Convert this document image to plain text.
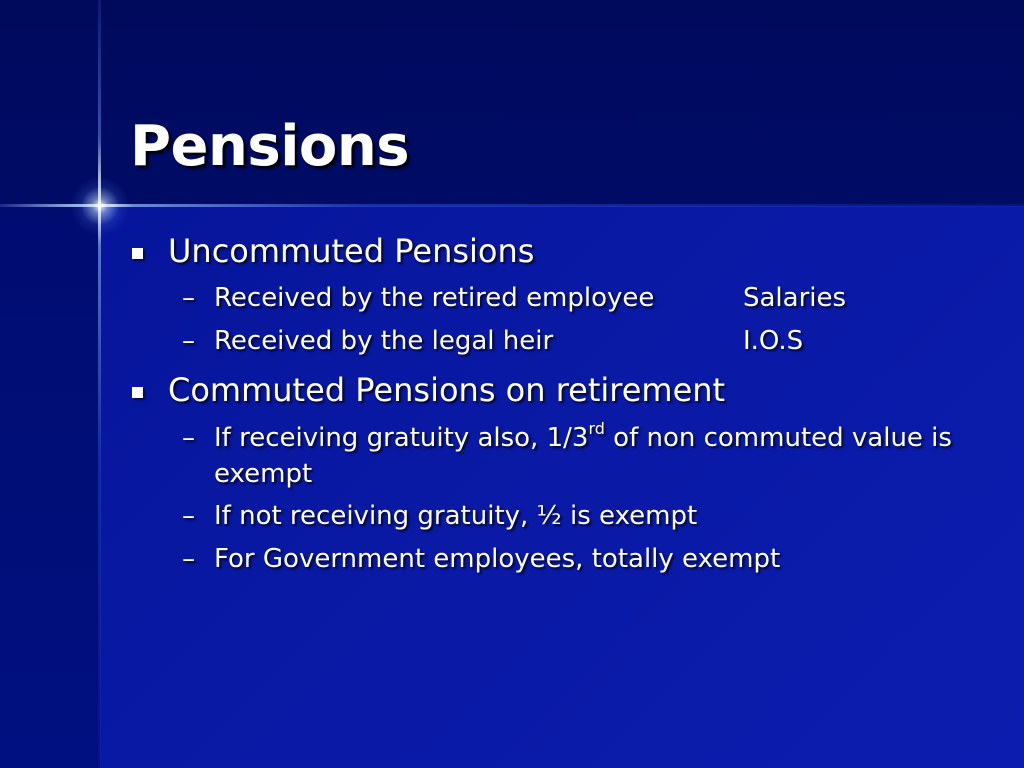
Pensions
Uncommuted Pensions
– Received by the retired employee	Salaries
– Received by the legal heir	I.O.S
Commuted Pensions on retirement
– If receiving gratuity also, 1/3rd of non commuted value is exempt
– If not receiving gratuity, ½ is exempt
– For Government employees, totally exempt
